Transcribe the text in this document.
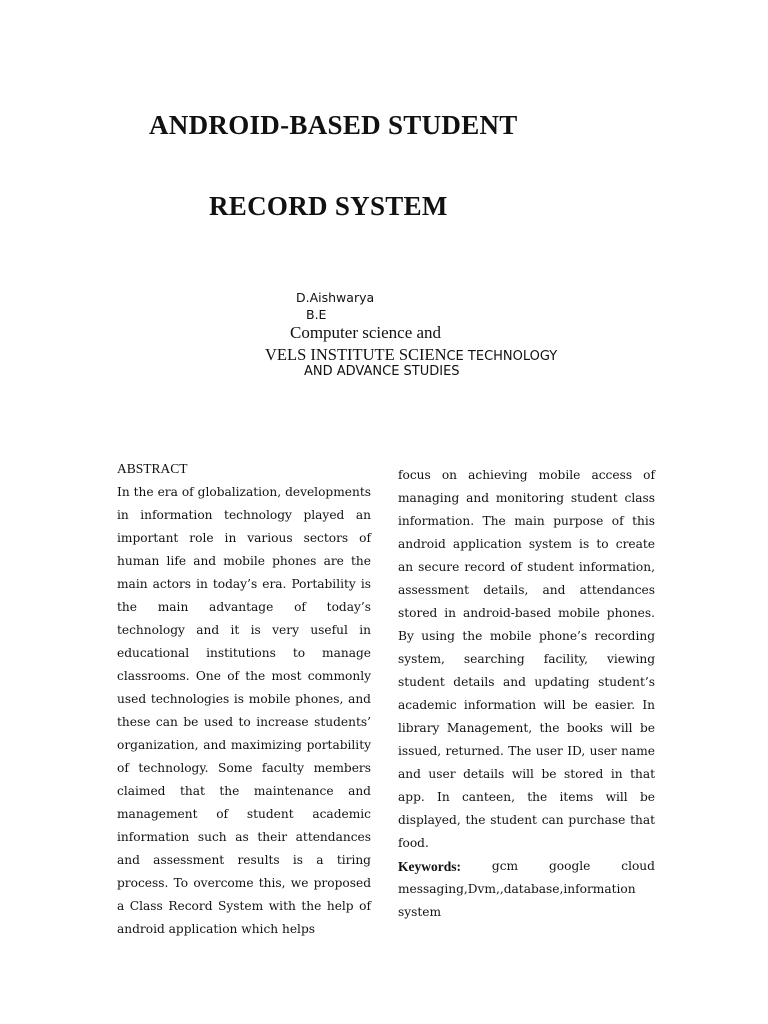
ANDROID-BASED STUDENT
RECORD SYSTEM
D.Aishwarya
B.E
Computer science and
VELS INSTITUTE SCIENCE TECHNOLOGY
AND ADVANCE STUDIES
ABSTRACT

In the era of globalization, developments in information technology played an important role in various sectors of human life and mobile phones are the main actors in today’s era. Portability is the main advantage of today’s technology and it is very useful in educational institutions to manage classrooms. One of the most commonly used technologies is mobile phones, and these can be used to increase students’ organization, and maximizing portability of technology. Some faculty members claimed that the maintenance and management of student academic information such as their attendances and assessment results is a tiring process. To overcome this, we proposed a Class Record System with the help of android application which helps

focus on achieving mobile access of managing and monitoring student class information. The main purpose of this android application system is to create an secure record of student information, assessment details, and attendances stored in android-based mobile phones. By using the mobile phone’s recording system, searching facility, viewing student details and updating student’s academic information will be easier. In library Management, the books will be issued, returned. The user ID, user name and user details will be stored in that app. In canteen, the items will be displayed, the student can purchase that food.

Keywords:	gcm	google	cloud

messaging,Dvm,,database,information

system
